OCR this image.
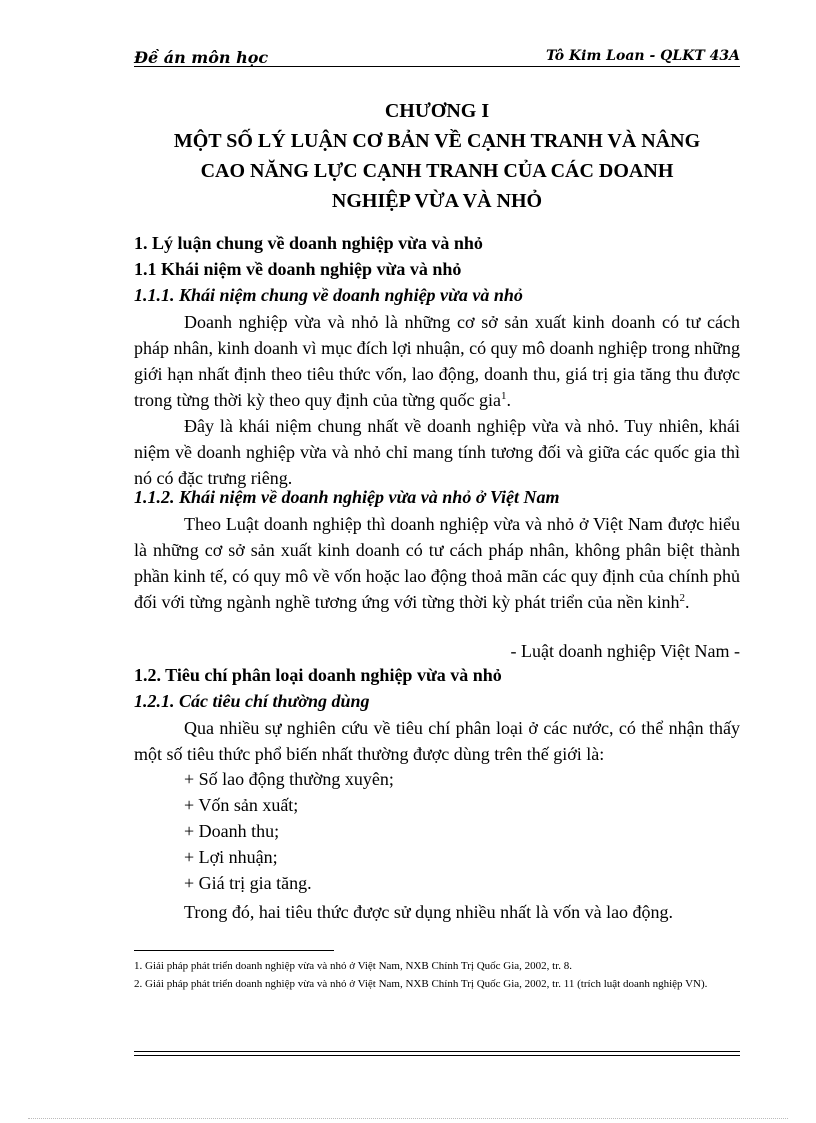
Đề án môn học	Tô Kim Loan - QLKT 43A
CHƯƠNG I
MỘT SỐ LÝ LUẬN CƠ BẢN VỀ CẠNH TRANH VÀ NÂNG
CAO NĂNG LỰC CẠNH TRANH CỦA CÁC DOANH
NGHIỆP VỪA VÀ NHỎ
1. Lý luận chung về doanh nghiệp vừa và nhỏ
1.1 Khái niệm về doanh nghiệp vừa và nhỏ
1.1.1. Khái niệm chung về doanh nghiệp vừa và nhỏ
Doanh nghiệp vừa và nhỏ là những cơ sở sản xuất kinh doanh có tư cách pháp nhân, kinh doanh vì mục đích lợi nhuận, có quy mô doanh nghiệp trong những giới hạn nhất định theo tiêu thức vốn, lao động, doanh thu, giá trị gia tăng thu được trong từng thời kỳ theo quy định của từng quốc gia$^1$.
Đây là khái niệm chung nhất về doanh nghiệp vừa và nhỏ. Tuy nhiên, khái niệm về doanh nghiệp vừa và nhỏ chỉ mang tính tương đối và giữa các quốc gia thì nó có đặc trưng riêng.
1.1.2. Khái niệm về doanh nghiệp vừa và nhỏ ở Việt Nam
Theo Luật doanh nghiệp thì doanh nghiệp vừa và nhỏ ở Việt Nam được hiểu là những cơ sở sản xuất kinh doanh có tư cách pháp nhân, không phân biệt thành phần kinh tế, có quy mô về vốn hoặc lao động thoả mãn các quy định của chính phủ đối với từng ngành nghề tương ứng với từng thời kỳ phát triển của nền kinh$^2$.
- Luật doanh nghiệp Việt Nam -
1.2. Tiêu chí phân loại doanh nghiệp vừa và nhỏ
1.2.1. Các tiêu chí thường dùng
Qua nhiều sự nghiên cứu về tiêu chí phân loại ở các nước, có thể nhận thấy một số tiêu thức phổ biến nhất thường được dùng trên thế giới là:
+ Số lao động thường xuyên;
+ Vốn sản xuất;
+ Doanh thu;
+ Lợi nhuận;
+ Giá trị gia tăng.
Trong đó, hai tiêu thức được sử dụng nhiều nhất là vốn và lao động.
1. Giải pháp phát triển doanh nghiệp vừa và nhỏ ở Việt Nam, NXB Chính Trị Quốc Gia, 2002, tr. 8.
2. Giải pháp phát triển doanh nghiệp vừa và nhỏ ở Việt Nam, NXB Chính Trị Quốc Gia, 2002, tr. 11 (trích luật doanh nghiệp VN).
